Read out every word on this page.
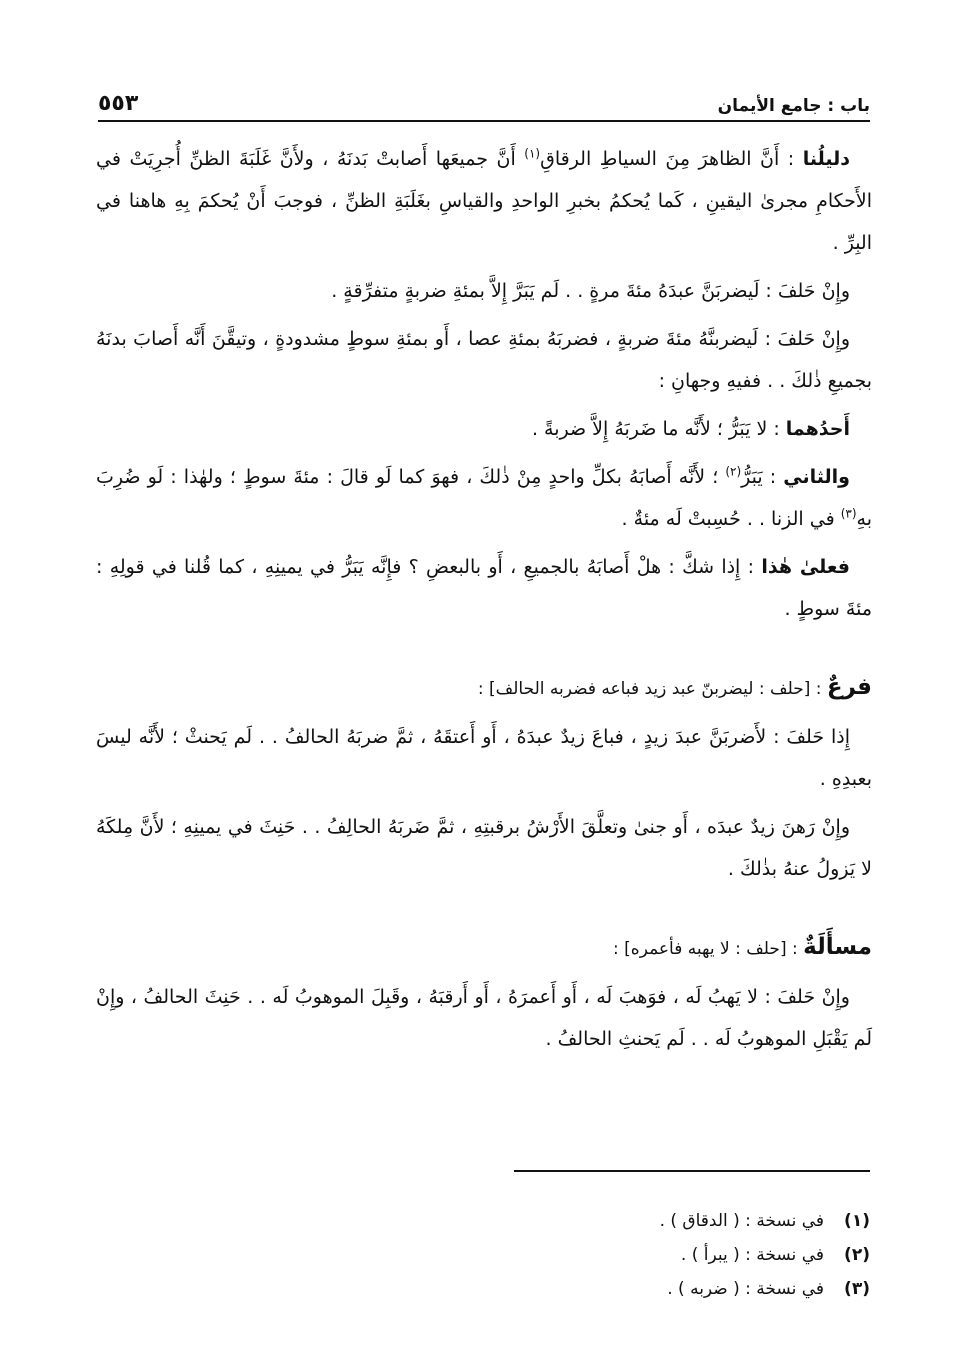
باب : جامع الأيمان
٥٥٣

دليلُنا : أَنَّ الظاهرَ مِنَ السياطِ الرقاقِ$^{(١)}$ أَنَّ جميعَها أَصابتْ بَدنَهُ ، ولأَنَّ غَلَبَةَ الظنِّ أُجرِيَتْ في الأَحكامِ مجرىٰ اليقينِ ، كَما يُحكمُ بخبرِ الواحدِ والقياسِ بغَلَبَةِ الظنِّ ، فوجبَ أَنْ يُحكمَ بِهِ هاهنا في البِرِّ .

وإِنْ حَلفَ : لَيضربَنَّ عبدَهُ مئةَ مرةٍ . . لَم يَبَرَّ إِلاَّ بمئةِ ضربةٍ متفرِّقةٍ .

وإِنْ حَلفَ : لَيضربنَّهُ مئةَ ضربةٍ ، فضربَهُ بمئةِ عصا ، أَو بمئةِ سوطٍ مشدودةٍ ، وتيقَّنَ أَنَّه أَصابَ بدنَهُ بجميعِ ذٰلكَ . . ففيهِ وجهانِ :

أَحدُهما : لا يَبَرُّ ؛ لأَنَّه ما ضَربَهُ إِلاَّ ضربةً .

والثاني : يَبَرُّ$^{(٢)}$ ؛ لأَنَّه أَصابَهُ بكلِّ واحدٍ مِنْ ذٰلكَ ، فهوَ كما لَو قالَ : مئةَ سوطٍ ؛ ولهٰذا : لَو ضُرِبَ بهِ$^{(٣)}$ في الزنا . . حُسِبتْ لَه مئةٌ .

فعلىٰ هٰذا : إِذا شكَّ : هلْ أَصابَهُ بالجميعِ ، أَو بالبعضِ ؟ فإِنَّه يَبَرُّ في يمينِهِ ، كما قُلنا في قولِهِ : مئةَ سوطٍ .

فرعٌ : [حلف : ليضربنّ عبد زيد فباعه فضربه الحالف] :

إِذا حَلفَ : لأَضربَنَّ عبدَ زيدٍ ، فباعَ زيدٌ عبدَهُ ، أَو أَعتقَهُ ، ثمَّ ضربَهُ الحالفُ . . لَم يَحنثْ ؛ لأَنَّه ليسَ بعبدِهِ .

وإِنْ رَهنَ زيدٌ عبدَه ، أَو جنىٰ وتعلَّقَ الأَرْشُ برقبتِهِ ، ثمَّ ضَربَهُ الحالِفُ . . حَنِثَ في يمينِهِ ؛ لأَنَّ مِلكَهُ لا يَزولُ عنهُ بذٰلكَ .

مسأَلَةٌ : [حلف : لا يهبه فأعمره] :

وإِنْ حَلفَ : لا يَهبُ لَه ، فوَهبَ لَه ، أَو أَعمرَهُ ، أَو أَرقبَهُ ، وقَبِلَ الموهوبُ لَه . . حَنِثَ الحالفُ ، وإِنْ لَم يَقْبَلِ الموهوبُ لَه . . لَم يَحنثِ الحالفُ .

(١)
في نسخة : ( الدقاق ) .
(٢)
في نسخة : ( يبرأ ) .
(٣)
في نسخة : ( ضربه ) .
